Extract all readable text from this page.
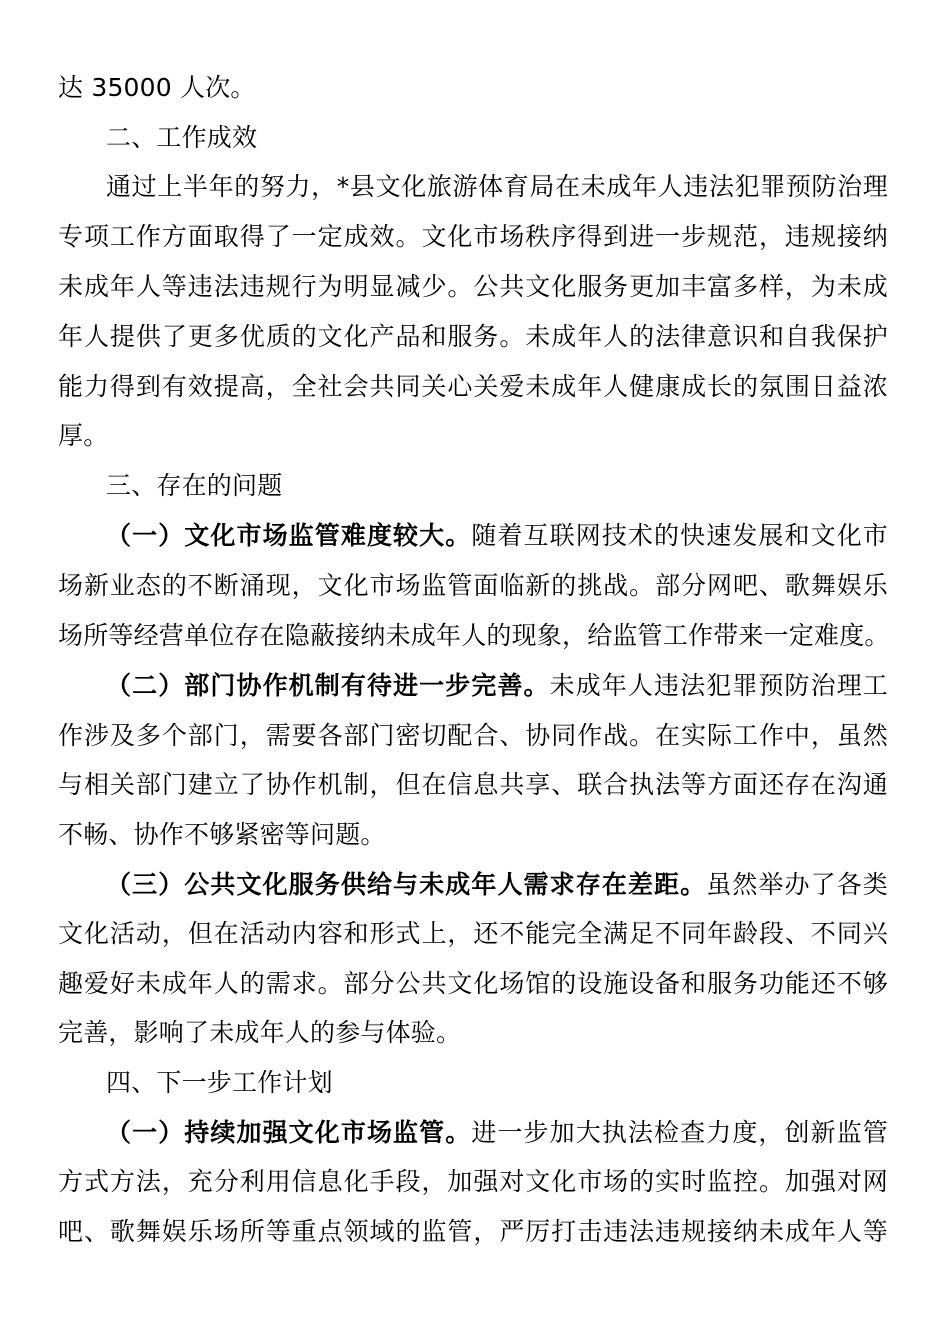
达 35000 人次。
二、工作成效
通过上半年的努力，*县文化旅游体育局在未成年人违法犯罪预防治理
专项工作方面取得了一定成效。文化市场秩序得到进一步规范，违规接纳
未成年人等违法违规行为明显减少。公共文化服务更加丰富多样，为未成
年人提供了更多优质的文化产品和服务。未成年人的法律意识和自我保护
能力得到有效提高，全社会共同关心关爱未成年人健康成长的氛围日益浓
厚。
三、存在的问题
（一）文化市场监管难度较大。随着互联网技术的快速发展和文化市
场新业态的不断涌现，文化市场监管面临新的挑战。部分网吧、歌舞娱乐
场所等经营单位存在隐蔽接纳未成年人的现象，给监管工作带来一定难度。
（二）部门协作机制有待进一步完善。未成年人违法犯罪预防治理工
作涉及多个部门，需要各部门密切配合、协同作战。在实际工作中，虽然
与相关部门建立了协作机制，但在信息共享、联合执法等方面还存在沟通
不畅、协作不够紧密等问题。
（三）公共文化服务供给与未成年人需求存在差距。虽然举办了各类
文化活动，但在活动内容和形式上，还不能完全满足不同年龄段、不同兴
趣爱好未成年人的需求。部分公共文化场馆的设施设备和服务功能还不够
完善，影响了未成年人的参与体验。
四、下一步工作计划
（一）持续加强文化市场监管。进一步加大执法检查力度，创新监管
方式方法，充分利用信息化手段，加强对文化市场的实时监控。加强对网
吧、歌舞娱乐场所等重点领域的监管，严厉打击违法违规接纳未成年人等
